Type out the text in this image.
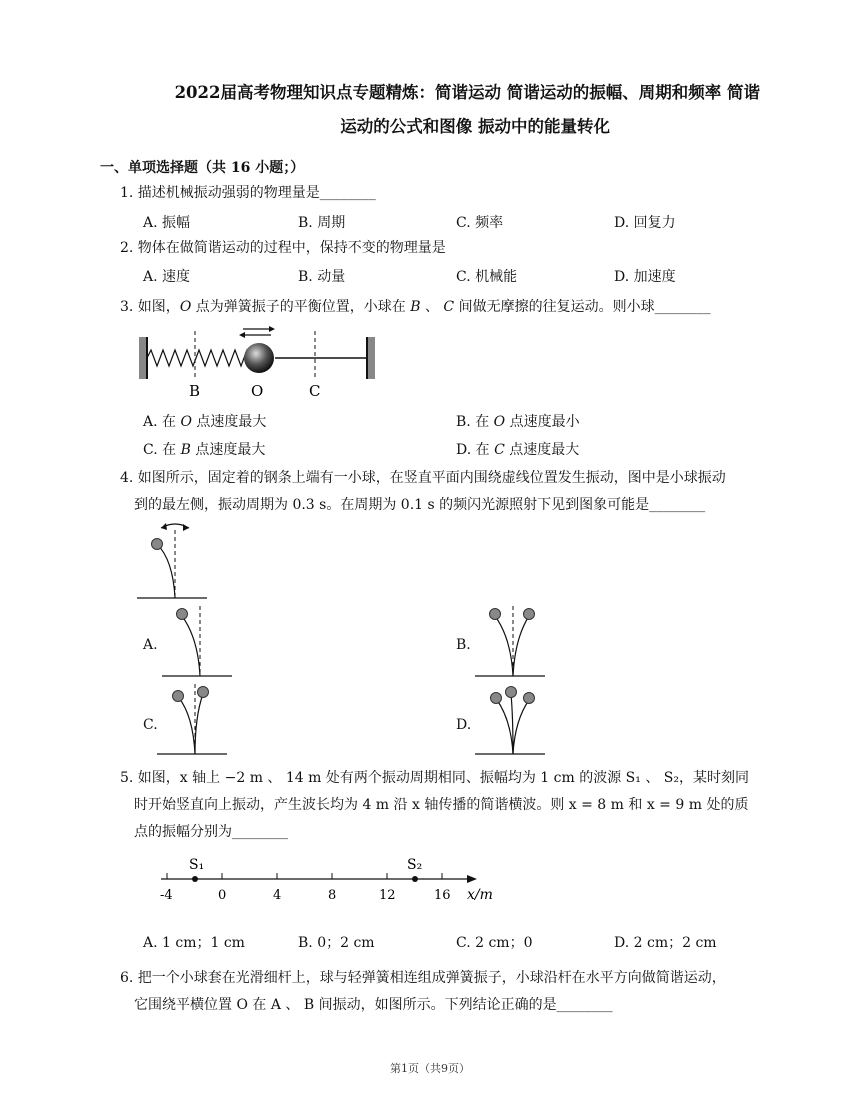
2022届高考物理知识点专题精炼：简谐运动 简谐运动的振幅、周期和频率 简谐
运动的公式和图像 振动中的能量转化
一、单项选择题（共 16 小题；）
1. 描述机械振动强弱的物理量是________
A. 振幅	B. 周期	C. 频率	D. 回复力
2. 物体在做简谐运动的过程中，保持不变的物理量是
A. 速度	B. 动量	C. 机械能	D. 加速度
3. 如图，O 点为弹簧振子的平衡位置，小球在 B 、 C 间做无摩擦的往复运动。则小球________
B	O	C
A. 在 O 点速度最大	B. 在 O 点速度最小
C. 在 B 点速度最大	D. 在 C 点速度最大
4. 如图所示，固定着的钢条上端有一小球，在竖直平面内围绕虚线位置发生振动，图中是小球振动
到的最左侧，振动周期为 0.3 s。在周期为 0.1 s 的频闪光源照射下见到图象可能是________
A.	B.
C.	D.
5. 如图，x 轴上 −2 m 、 14 m 处有两个振动周期相同、振幅均为 1 cm 的波源 S₁ 、 S₂，某时刻同
时开始竖直向上振动，产生波长均为 4 m 沿 x 轴传播的简谐横波。则 x = 8 m 和 x = 9 m 处的质
点的振幅分别为________
-4	0	4	8	12	16
S₁	S₂
x/m
A. 1 cm；1 cm	B. 0；2 cm	C. 2 cm；0	D. 2 cm；2 cm
6. 把一个小球套在光滑细杆上，球与轻弹簧相连组成弹簧振子，小球沿杆在水平方向做简谐运动，
它围绕平横位置 O 在 A 、 B 间振动，如图所示。下列结论正确的是________
第1页（共9页）
